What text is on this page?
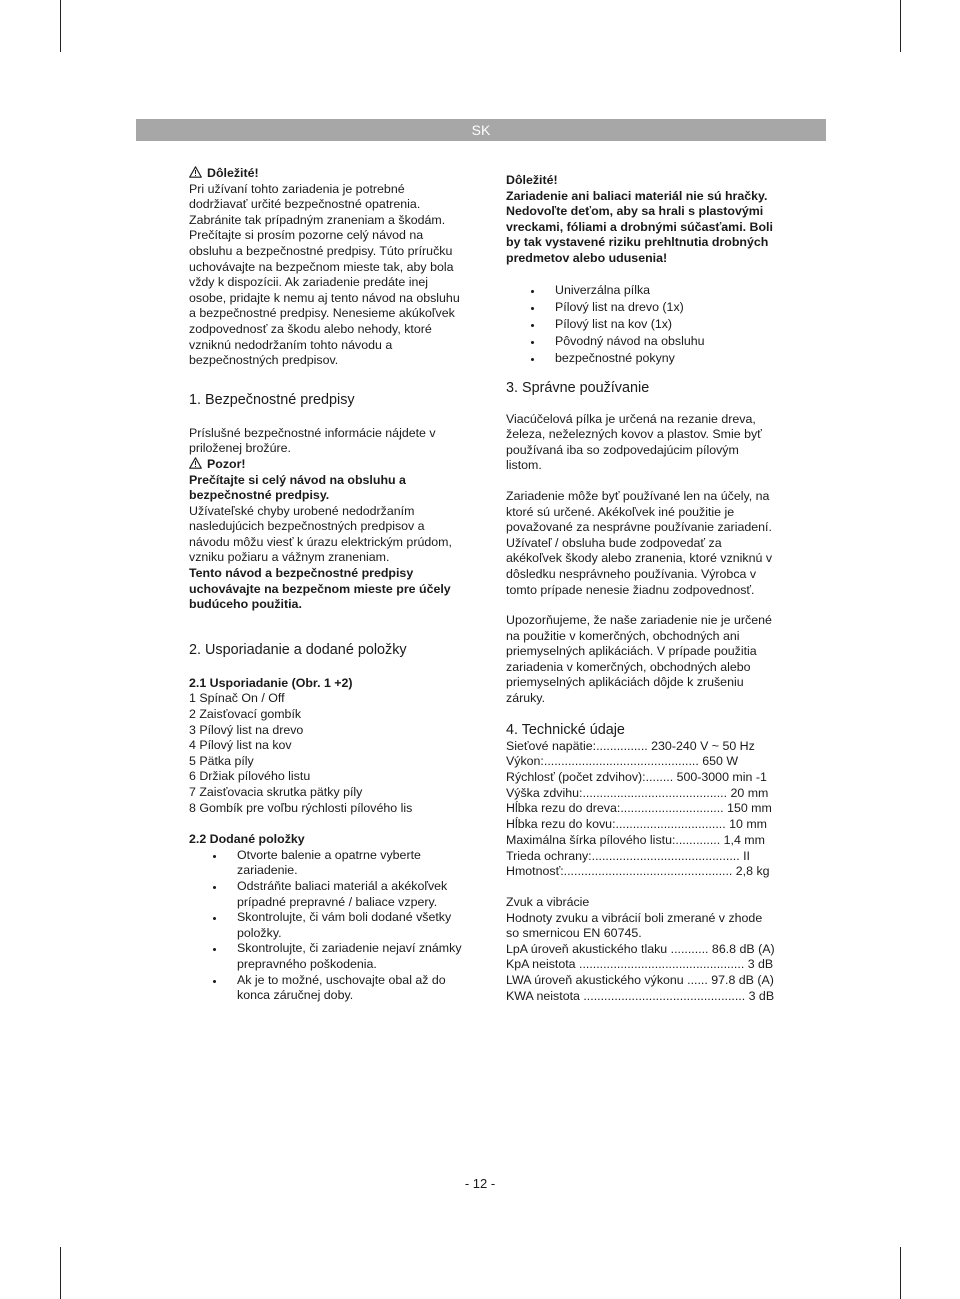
SK

Dôležité!

Pri užívaní tohto zariadenia je potrebné

dodržiavať určité bezpečnostné opatrenia.

Zabránite tak prípadným zraneniam a škodám.

Prečítajte si prosím pozorne celý návod na

obsluhu a bezpečnostné predpisy. Túto príručku

uchovávajte na bezpečnom mieste tak, aby bola

vždy k dispozícii. Ak zariadenie predáte inej

osobe, pridajte k nemu aj tento návod na obsluhu

a bezpečnostné predpisy. Nenesieme akúkoľvek

zodpovednosť za škodu alebo nehody, ktoré

vzniknú nedodržaním tohto návodu a

bezpečnostných predpisov.

1. Bezpečnostné predpisy

Príslušné bezpečnostné informácie nájdete v

priloženej brožúre.

Pozor!

Prečítajte si celý návod na obsluhu a

bezpečnostné predpisy.

Užívateľské chyby urobené nedodržaním

nasledujúcich bezpečnostných predpisov a

návodu môžu viesť k úrazu elektrickým prúdom,

vzniku požiaru a vážnym zraneniam.

Tento návod a bezpečnostné predpisy

uchovávajte na bezpečnom mieste pre účely

budúceho použitia.

2. Usporiadanie a dodané položky

2.1 Usporiadanie (Obr. 1 +2)

1 Spínač On / Off

2 Zaisťovací gombík

3 Pílový list na drevo

4 Pílový list na kov

5 Pätka píly

6 Držiak pílového listu

7 Zaisťovacia skrutka pätky píly

8 Gombík pre voľbu rýchlosti pílového lis

2.2 Dodané položky

Otvorte balenie a opatrne vyberte

zariadenie.

Odstráňte baliaci materiál a akékoľvek

prípadné prepravné / baliace vzpery.

Skontrolujte, či vám boli dodané všetky

položky.

Skontrolujte, či zariadenie nejaví známky

prepravného poškodenia.

Ak je to možné, uschovajte obal až do

konca záručnej doby.

Dôležité!

Zariadenie ani baliaci materiál nie sú hračky.

Nedovoľte deťom, aby sa hrali s plastovými

vreckami, fóliami a drobnými súčasťami. Boli

by tak vystavené riziku prehltnutia drobných

predmetov alebo udusenia!

Univerzálna pílka
Pílový list na drevo (1x)
Pílový list na kov (1x)
Pôvodný návod na obsluhu
bezpečnostné pokyny

3. Správne používanie

Viacúčelová pílka je určená na rezanie dreva,

železa, neželezných kovov a plastov. Smie byť

používaná iba so zodpovedajúcim pílovým

listom.

Zariadenie môže byť používané len na účely, na

ktoré sú určené. Akékoľvek iné použitie je

považované za nesprávne používanie zariadení.

Užívateľ / obsluha bude zodpovedať za

akékoľvek škody alebo zranenia, ktoré vzniknú v

dôsledku nesprávneho používania. Výrobca v

tomto prípade nenesie žiadnu zodpovednosť.

Upozorňujeme, že naše zariadenie nie je určené

na použitie v komerčných, obchodných ani

priemyselných aplikáciách. V prípade použitia

zariadenia v komerčných, obchodných alebo

priemyselných aplikáciách dôjde k zrušeniu

záruky.

4. Technické údaje

Sieťové napätie:............... 230-240 V ~ 50 Hz

Výkon:............................................. 650 W

Rýchlosť (počet zdvihov):........ 500-3000 min -1

Výška zdvihu:.......................................... 20 mm

Hĺbka rezu do dreva:.............................. 150 mm

Hĺbka rezu do kovu:................................ 10 mm

Maximálna šírka pílového listu:............. 1,4 mm

Trieda ochrany:........................................... II

Hmotnosť:................................................. 2,8 kg

Zvuk a vibrácie

Hodnoty zvuku a vibrácií boli zmerané v zhode

so smernicou EN 60745.

LpA úroveň akustického tlaku ........... 86.8 dB (A)

KpA neistota ................................................ 3 dB

LWA úroveň akustického výkonu ...... 97.8 dB (A)

KWA neistota ............................................... 3 dB

- 12 -
